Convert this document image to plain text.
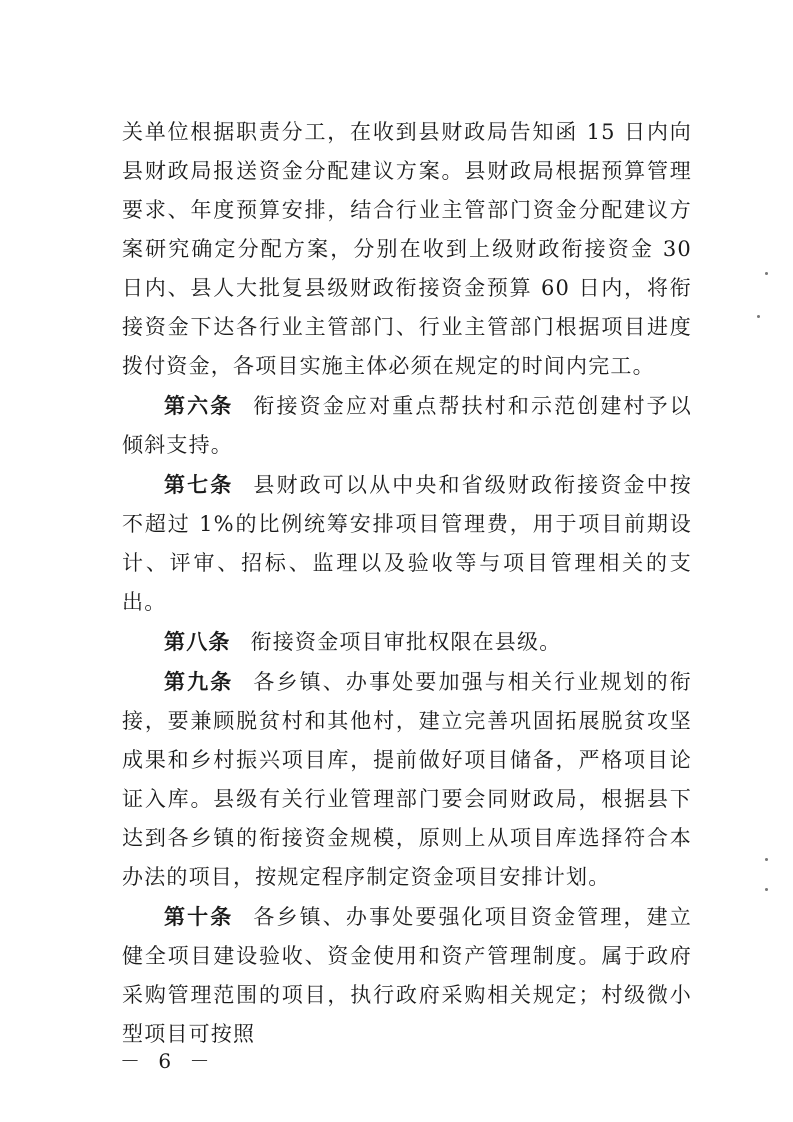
关单位根据职责分工，在收到县财政局告知函 15 日内向县财政局报送资金分配建议方案。县财政局根据预算管理要求、年度预算安排，结合行业主管部门资金分配建议方案研究确定分配方案，分别在收到上级财政衔接资金 30 日内、县人大批复县级财政衔接资金预算 60 日内，将衔接资金下达各行业主管部门、行业主管部门根据项目进度拨付资金，各项目实施主体必须在规定的时间内完工。

第六条 衔接资金应对重点帮扶村和示范创建村予以倾斜支持。

第七条 县财政可以从中央和省级财政衔接资金中按不超过 1%的比例统筹安排项目管理费，用于项目前期设计、评审、招标、监理以及验收等与项目管理相关的支出。

第八条 衔接资金项目审批权限在县级。

第九条 各乡镇、办事处要加强与相关行业规划的衔接，要兼顾脱贫村和其他村，建立完善巩固拓展脱贫攻坚成果和乡村振兴项目库，提前做好项目储备，严格项目论证入库。县级有关行业管理部门要会同财政局，根据县下达到各乡镇的衔接资金规模，原则上从项目库选择符合本办法的项目，按规定程序制定资金项目安排计划。

第十条 各乡镇、办事处要强化项目资金管理，建立健全项目建设验收、资金使用和资产管理制度。属于政府采购管理范围的项目，执行政府采购相关规定；村级微小型项目可按照

－ 6 －
